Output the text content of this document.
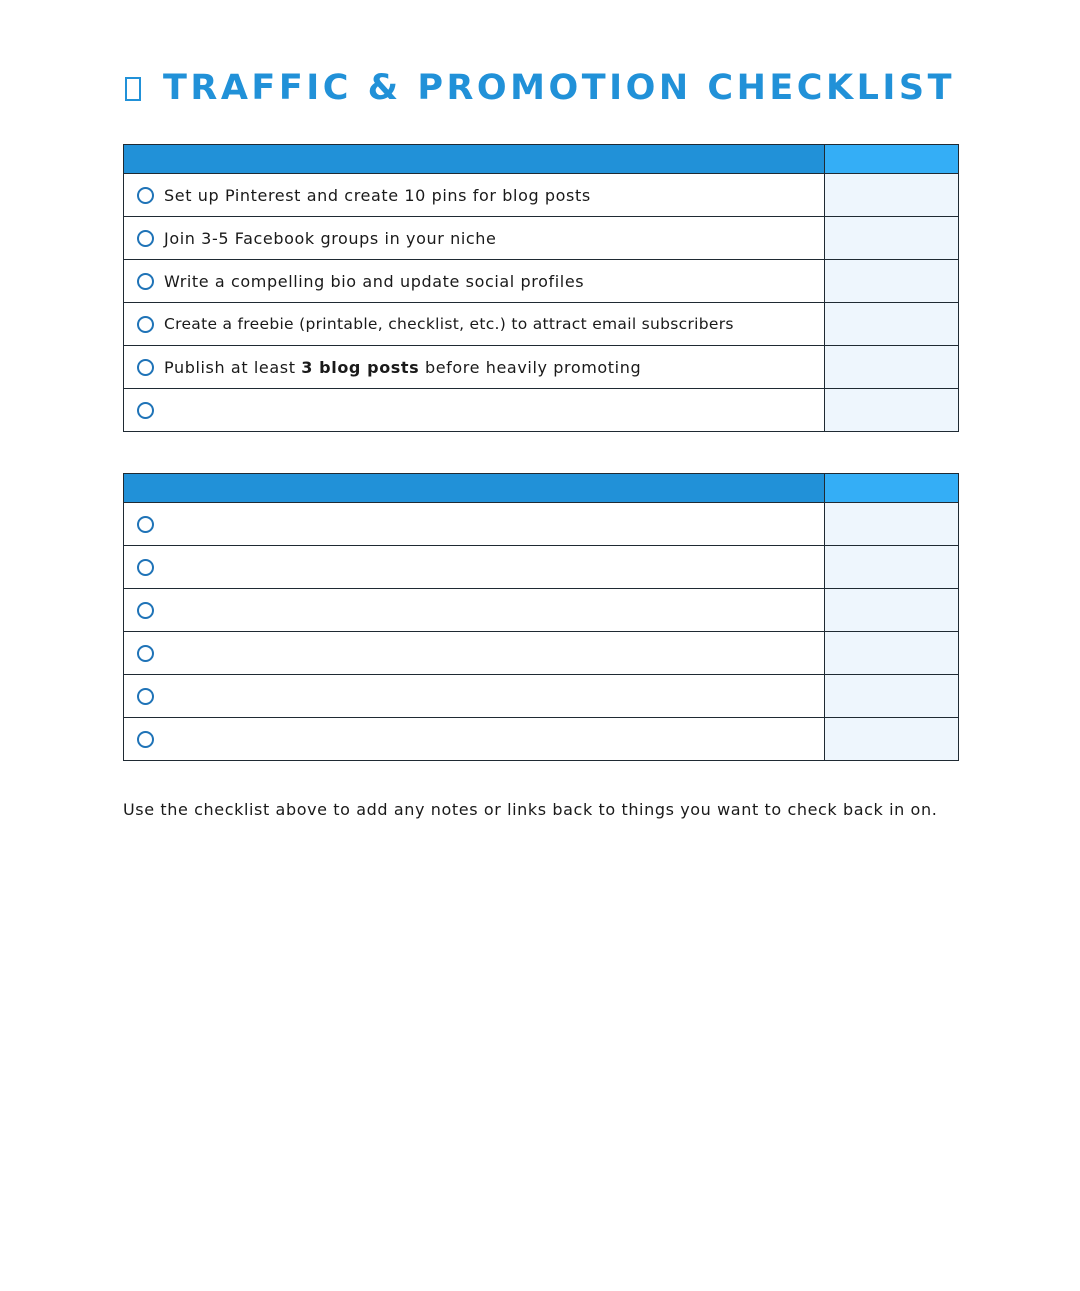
TRAFFIC & PROMOTION CHECKLIST

Set up Pinterest and create 10 pins for blog posts	

Join 3-5 Facebook groups in your niche	

Write a compelling bio and update social profiles	

Create a freebie (printable, checklist, etc.) to attract email subscribers	

Publish at least 3 blog posts before heavily promoting	

Use the checklist above to add any notes or links back to things you want to check back in on.
